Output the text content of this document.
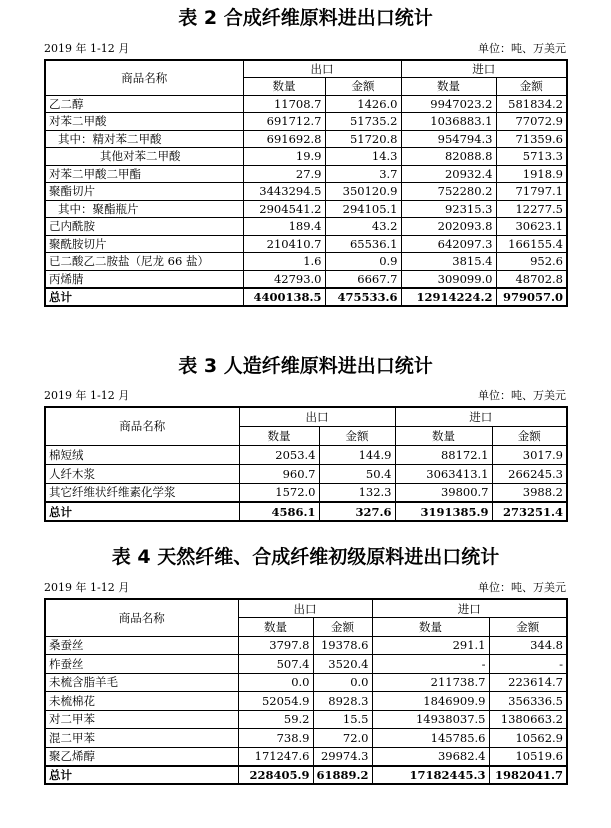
表 2 合成纤维原料进出口统计
2019 年 1-12 月	单位：吨、万美元
商品名称	出口		进口	
	数量	金额	数量	金额
乙二醇	11708.7	1426.0	9947023.2	581834.2
对苯二甲酸	691712.7	51735.2	1036883.1	77072.9
其中：精对苯二甲酸	691692.8	51720.8	954794.3	71359.6
其他对苯二甲酸	19.9	14.3	82088.8	5713.3
对苯二甲酸二甲酯	27.9	3.7	20932.4	1918.9
聚酯切片	3443294.5	350120.9	752280.2	71797.1
其中：聚酯瓶片	2904541.2	294105.1	92315.3	12277.5
己内酰胺	189.4	43.2	202093.8	30623.1
聚酰胺切片	210410.7	65536.1	642097.3	166155.4
已二酸乙二胺盐（尼龙 66 盐）	1.6	0.9	3815.4	952.6
丙烯腈	42793.0	6667.7	309099.0	48702.8
总计	4400138.5	475533.6	12914224.2	979057.0
表 3 人造纤维原料进出口统计
2019 年 1-12 月	单位：吨、万美元
商品名称	出口		进口	
	数量	金额	数量	金额
棉短绒	2053.4	144.9	88172.1	3017.9
人纤木浆	960.7	50.4	3063413.1	266245.3
其它纤维状纤维素化学浆	1572.0	132.3	39800.7	3988.2
总计	4586.1	327.6	3191385.9	273251.4
表 4 天然纤维、合成纤维初级原料进出口统计
2019 年 1-12 月	单位：吨、万美元
商品名称	出口		进口	
	数量	金额	数量	金额
桑蚕丝	3797.8	19378.6	291.1	344.8
柞蚕丝	507.4	3520.4	-	-
未梳含脂羊毛	0.0	0.0	211738.7	223614.7
未梳棉花	52054.9	8928.3	1846909.9	356336.5
对二甲苯	59.2	15.5	14938037.5	1380663.2
混二甲苯	738.9	72.0	145785.6	10562.9
聚乙烯醇	171247.6	29974.3	39682.4	10519.6
总计	228405.9	61889.2	17182445.3	1982041.7
